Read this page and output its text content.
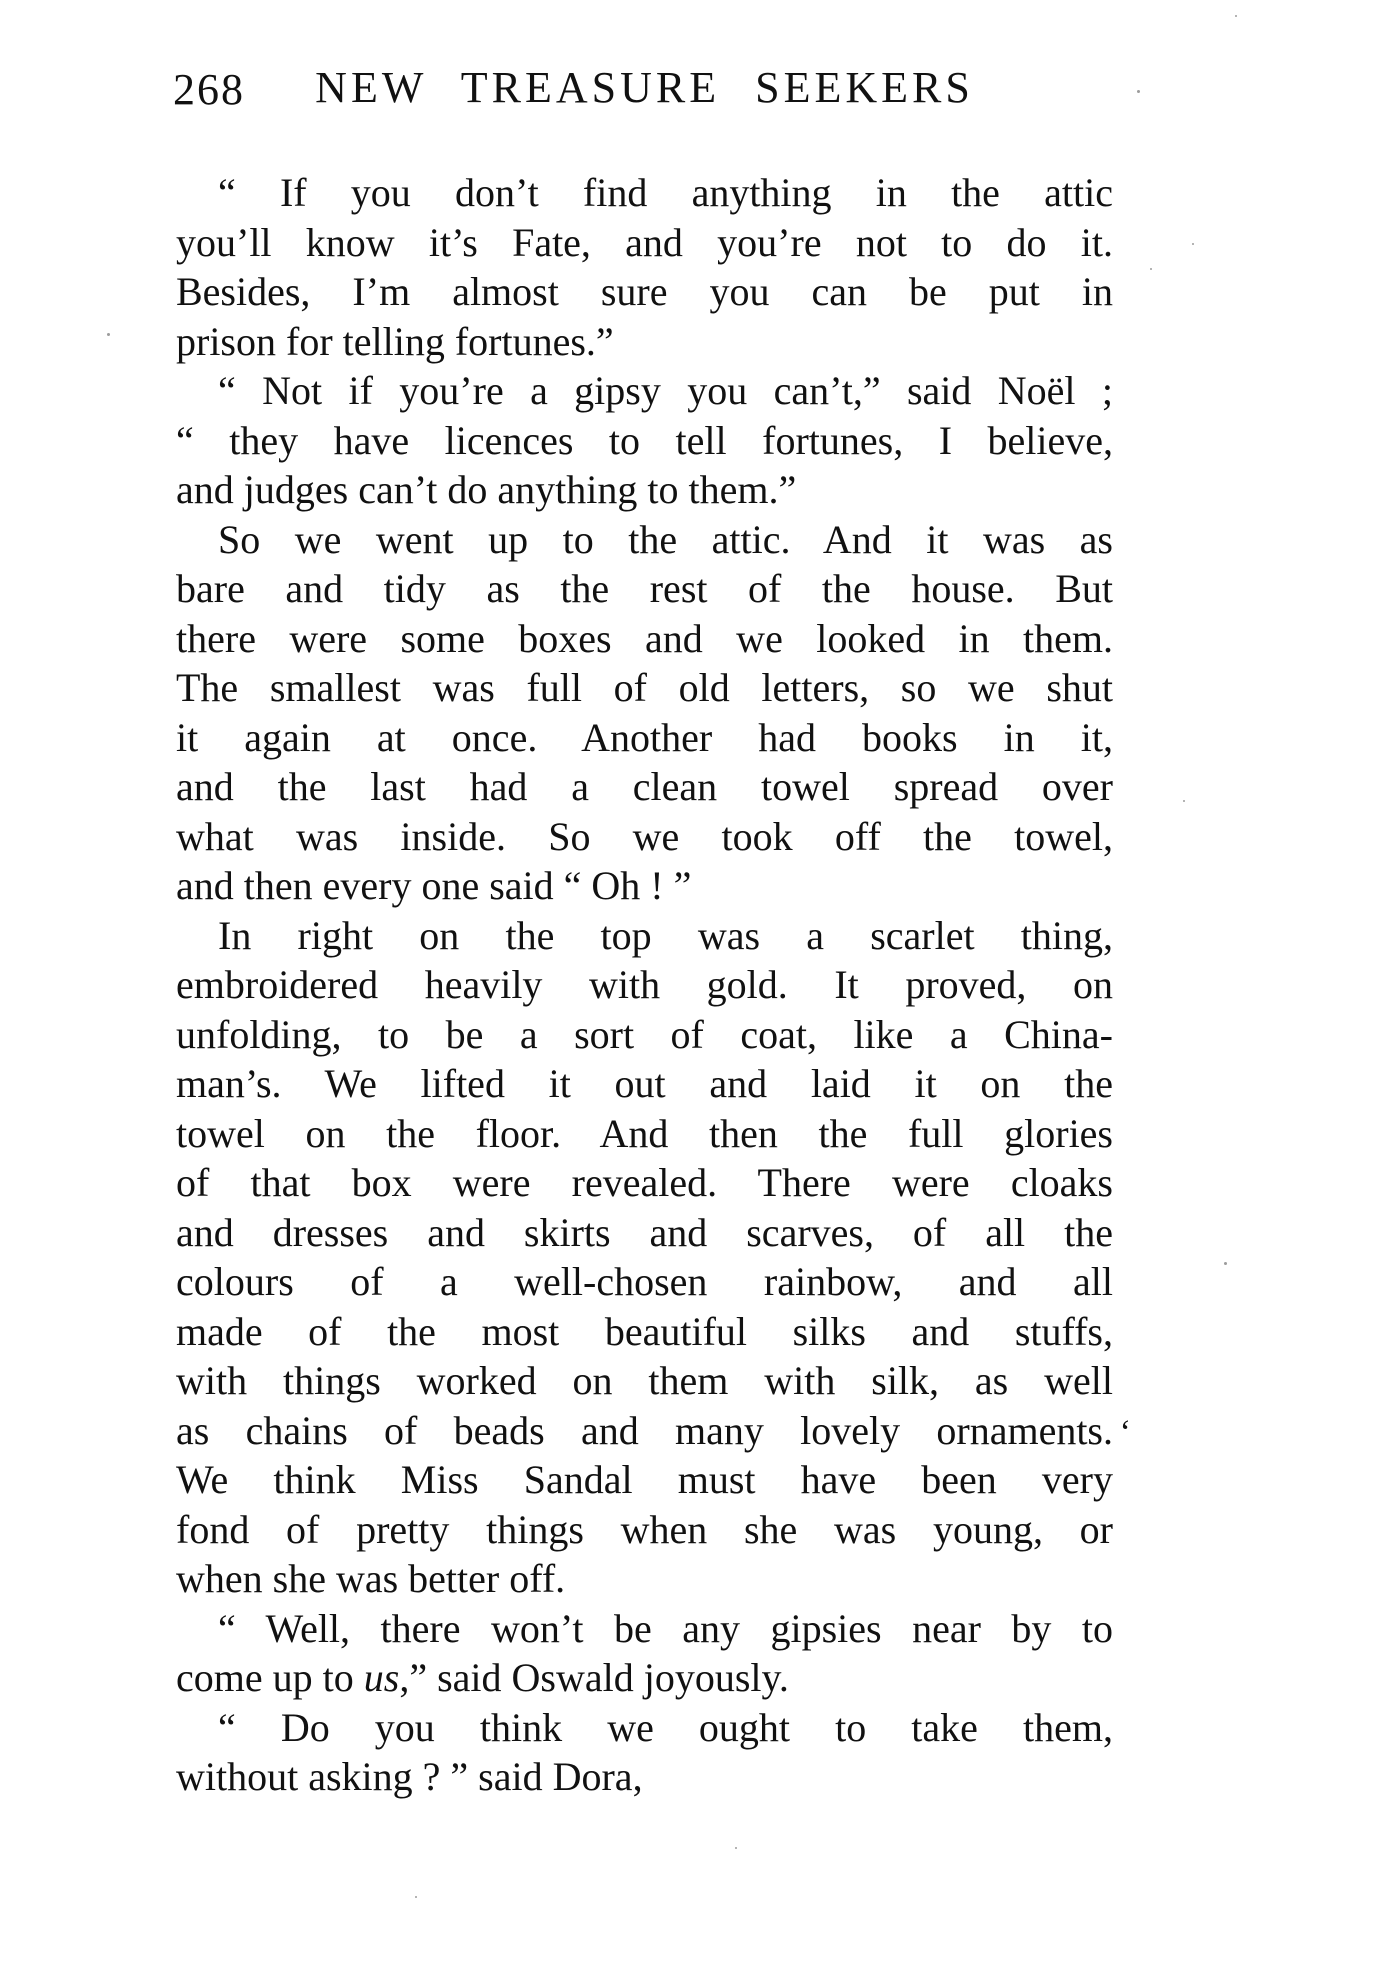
268	NEW TREASURE SEEKERS
“ If you don’t find anything in the attic
you’ll know it’s Fate, and you’re not to do it.
Besides, I’m almost sure you can be put in
prison for telling fortunes.”
“ Not if you’re a gipsy you can’t,” said Noël ;
“ they have licences to tell fortunes, I believe,
and judges can’t do anything to them.”
So we went up to the attic. And it was as
bare and tidy as the rest of the house. But
there were some boxes and we looked in them.
The smallest was full of old letters, so we shut
it again at once. Another had books in it,
and the last had a clean towel spread over
what was inside. So we took off the towel,
and then every one said “ Oh ! ”
In right on the top was a scarlet thing,
embroidered heavily with gold. It proved, on
unfolding, to be a sort of coat, like a China-
man’s. We lifted it out and laid it on the
towel on the floor. And then the full glories
of that box were revealed. There were cloaks
and dresses and skirts and scarves, of all the
colours of a well-chosen rainbow, and all
made of the most beautiful silks and stuffs,
with things worked on them with silk, as well
as chains of beads and many lovely ornaments. ‘
We think Miss Sandal must have been very
fond of pretty things when she was young, or
when she was better off.
“ Well, there won’t be any gipsies near by to
come up to us,” said Oswald joyously.
“ Do you think we ought to take them,
without asking ? ” said Dora,
